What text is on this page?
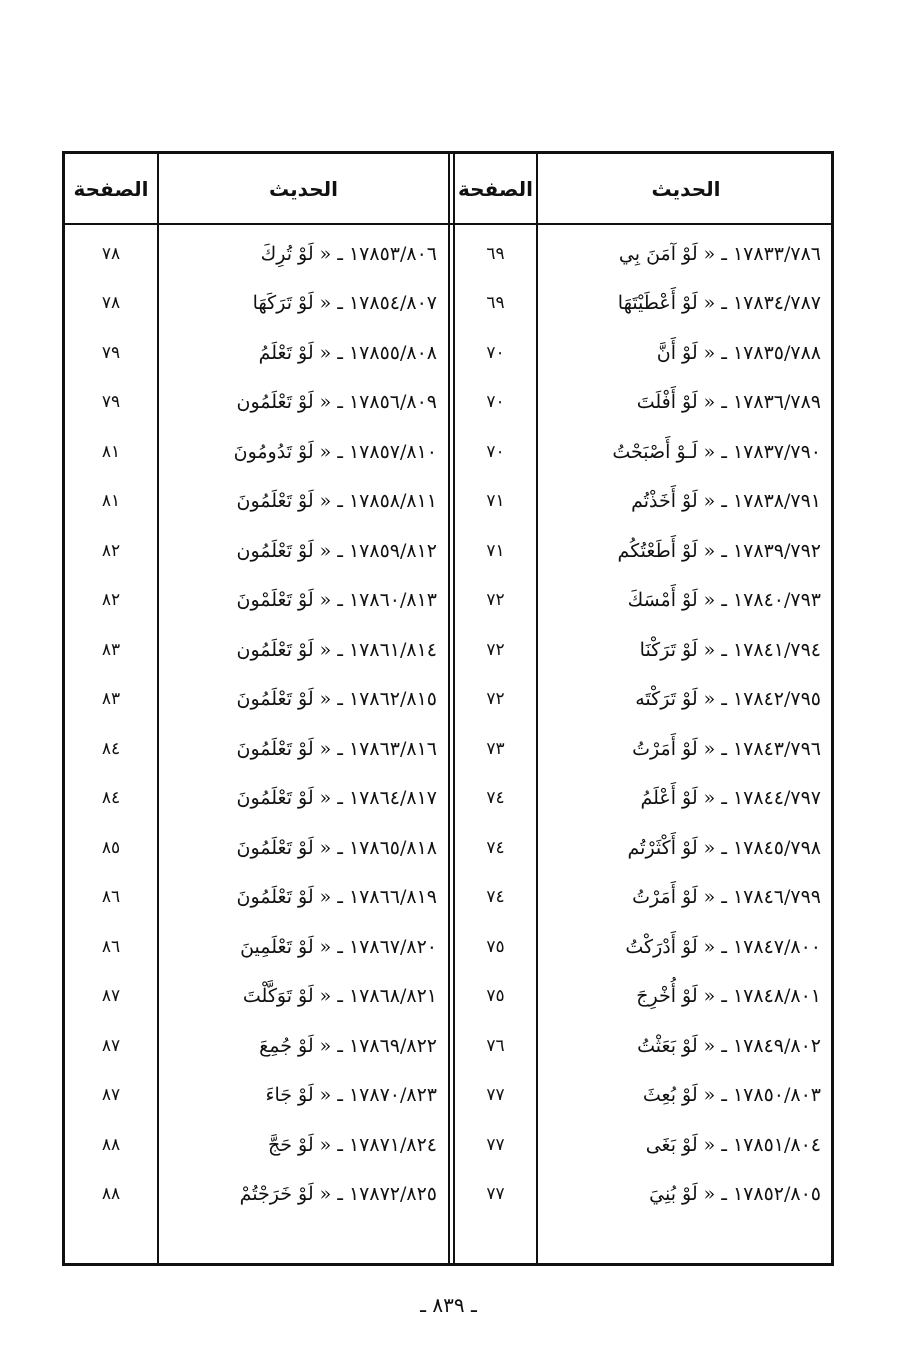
الحديث
الصفحة
الحديث
الصفحة
١٧٨٣٣/٧٨٦ ـ « لَوْ آمَنَ بِي
٦٩
١٧٨٥٣/٨٠٦ ـ « لَوْ تُرِكَ
٧٨
١٧٨٣٤/٧٨٧ ـ « لَوْ أَعْطَيْتَهَا
٦٩
١٧٨٥٤/٨٠٧ ـ « لَوْ تَرَكَهَا
٧٨
١٧٨٣٥/٧٨٨ ـ « لَوْ أَنَّ
٧٠
١٧٨٥٥/٨٠٨ ـ « لَوْ تَعْلَمُ
٧٩
١٧٨٣٦/٧٨٩ ـ « لَوْ أَفْلَتَ
٧٠
١٧٨٥٦/٨٠٩ ـ « لَوْ تَعْلَمُون
٧٩
١٧٨٣٧/٧٩٠ ـ « لَـوْ أَصْبَحْتُ
٧٠
١٧٨٥٧/٨١٠ ـ « لَوْ تَدُومُونَ
٨١
١٧٨٣٨/٧٩١ ـ « لَوْ أَخَذْتُم
٧١
١٧٨٥٨/٨١١ ـ « لَوْ تَعْلَمُونَ
٨١
١٧٨٣٩/٧٩٢ ـ « لَوْ أَطَعْتُكُم
٧١
١٧٨٥٩/٨١٢ ـ « لَوْ تَعْلَمُون
٨٢
١٧٨٤٠/٧٩٣ ـ « لَوْ أَمْسَكَ
٧٢
١٧٨٦٠/٨١٣ ـ « لَوْ تَعْلَمْونَ
٨٢
١٧٨٤١/٧٩٤ ـ « لَوْ تَرَكْنَا
٧٢
١٧٨٦١/٨١٤ ـ « لَوْ تَعْلَمُون
٨٣
١٧٨٤٢/٧٩٥ ـ « لَوْ تَرَكْتَه
٧٢
١٧٨٦٢/٨١٥ ـ « لَوْ تَعْلَمُونَ
٨٣
١٧٨٤٣/٧٩٦ ـ « لَوْ أَمَرْتُ
٧٣
١٧٨٦٣/٨١٦ ـ « لَوْ تَعْلَمُونَ
٨٤
١٧٨٤٤/٧٩٧ ـ « لَوْ أَعْلَمُ
٧٤
١٧٨٦٤/٨١٧ ـ « لَوْ تَعْلَمُونَ
٨٤
١٧٨٤٥/٧٩٨ ـ « لَوْ أَكْثَرْتُم
٧٤
١٧٨٦٥/٨١٨ ـ « لَوْ تَعْلَمُونَ
٨٥
١٧٨٤٦/٧٩٩ ـ « لَوْ أَمَرْتُ
٧٤
١٧٨٦٦/٨١٩ ـ « لَوْ تَعْلَمُونَ
٨٦
١٧٨٤٧/٨٠٠ ـ « لَوْ أَدْرَكْتُ
٧٥
١٧٨٦٧/٨٢٠ ـ « لَوْ تَعْلَمِينَ
٨٦
١٧٨٤٨/٨٠١ ـ « لَوْ أُخْرِجَ
٧٥
١٧٨٦٨/٨٢١ ـ « لَوْ تَوَكَّلْتَ
٨٧
١٧٨٤٩/٨٠٢ ـ « لَوْ بَعَثْتُ
٧٦
١٧٨٦٩/٨٢٢ ـ « لَوْ جُمِعَ
٨٧
١٧٨٥٠/٨٠٣ ـ « لَوْ بُعِثَ
٧٧
١٧٨٧٠/٨٢٣ ـ « لَوْ جَاءَ
٨٧
١٧٨٥١/٨٠٤ ـ « لَوْ بَغَى
٧٧
١٧٨٧١/٨٢٤ ـ « لَوْ حَجَّ
٨٨
١٧٨٥٢/٨٠٥ ـ « لَوْ بُنِيَ
٧٧
١٧٨٧٢/٨٢٥ ـ « لَوْ خَرَجْتُمْ
٨٨
ـ ٨٣٩ ـ
